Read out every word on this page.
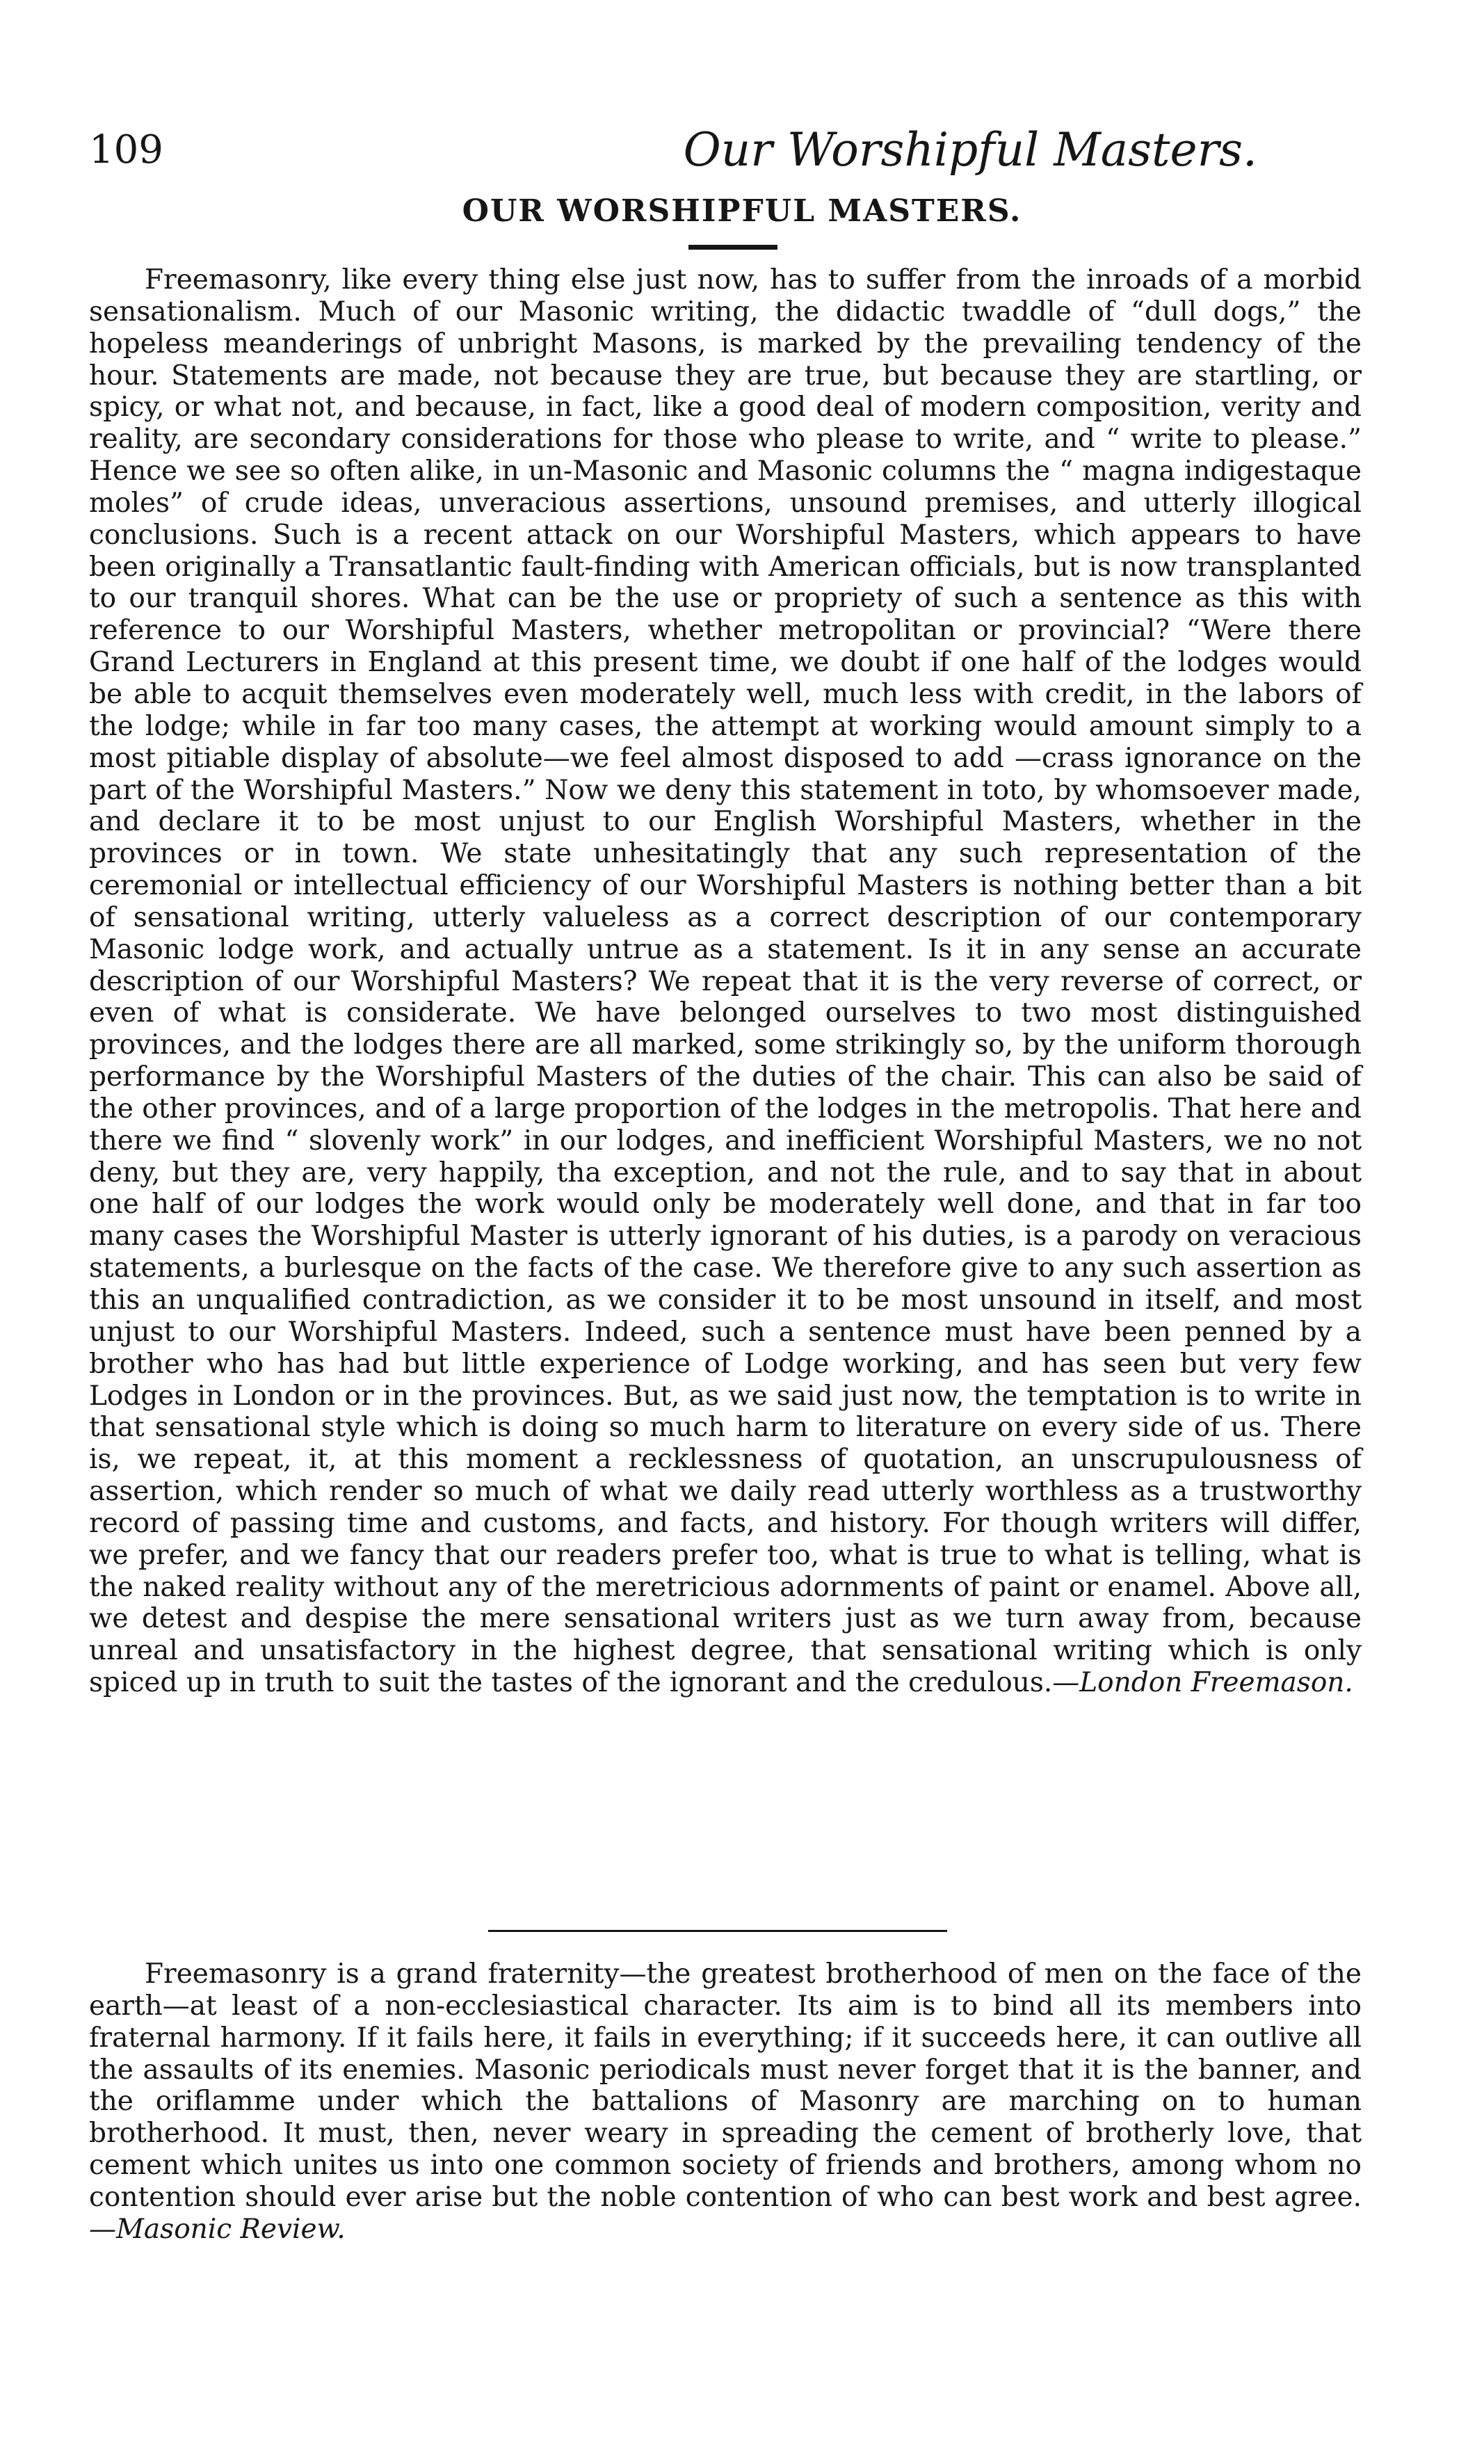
109	Our Worshipful Masters.
OUR WORSHIPFUL MASTERS.

Freemasonry, like every thing else just now, has to suffer from the inroads of a morbid sensationalism. Much of our Masonic writing, the didactic twaddle of “dull dogs,” the hopeless meanderings of unbright Masons, is marked by the prevailing tendency of the hour. Statements are made, not because they are true, but because they are startling, or spicy, or what not, and because, in fact, like a good deal of modern composition, verity and reality, are secondary considerations for those who please to write, and “ write to please.” Hence we see so often alike, in un-Masonic and Masonic columns the “ magna indigestaque moles” of crude ideas, unveracious assertions, unsound premises, and utterly illogical conclusions. Such is a recent attack on our Worshipful Masters, which appears to have been originally a Transatlantic fault-finding with American officials, but is now transplanted to our tranquil shores. What can be the use or propriety of such a sentence as this with reference to our Worshipful Masters, whether metropolitan or provincial? “Were there Grand Lecturers in England at this present time, we doubt if one half of the lodges would be able to acquit themselves even moderately well, much less with credit, in the labors of the lodge; while in far too many cases, the attempt at working would amount simply to a most pitiable display of absolute—we feel almost disposed to add —crass ignorance on the part of the Worshipful Masters.” Now we deny this statement in toto, by whomsoever made, and declare it to be most unjust to our English Worshipful Masters, whether in the provinces or in town. We state unhesitatingly that any such representation of the ceremonial or intellectual efficiency of our Worshipful Masters is nothing better than a bit of sensational writing, utterly valueless as a correct description of our contemporary Masonic lodge work, and actually untrue as a statement. Is it in any sense an accurate description of our Worshipful Masters? We repeat that it is the very reverse of correct, or even of what is considerate. We have belonged ourselves to two most distinguished provinces, and the lodges there are all marked, some strikingly so, by the uniform thorough performance by the Worshipful Masters of the duties of the chair. This can also be said of the other provinces, and of a large proportion of the lodges in the metropolis. That here and there we find “ slovenly work” in our lodges, and inefficient Worshipful Masters, we no not deny, but they are, very happily, tha exception, and not the rule, and to say that in about one half of our lodges the work would only be moderately well done, and that in far too many cases the Worshipful Master is utterly ignorant of his duties, is a parody on veracious statements, a burlesque on the facts of the case. We therefore give to any such assertion as this an unqualified contradiction, as we consider it to be most unsound in itself, and most unjust to our Worshipful Masters. Indeed, such a sentence must have been penned by a brother who has had but little experience of Lodge working, and has seen but very few Lodges in London or in the provinces. But, as we said just now, the temptation is to write in that sensational style which is doing so much harm to literature on every side of us. There is, we repeat, it, at this moment a recklessness of quotation, an unscrupulousness of assertion, which render so much of what we daily read utterly worthless as a trustworthy record of passing time and customs, and facts, and history. For though writers will differ, we prefer, and we fancy that our readers prefer too, what is true to what is telling, what is the naked reality without any of the meretricious adornments of paint or enamel. Above all, we detest and despise the mere sensational writers just as we turn away from, because unreal and unsatisfactory in the highest degree, that sensational writing which is only spiced up in truth to suit the tastes of the ignorant and the credulous.—London Freemason.

Freemasonry is a grand fraternity—the greatest brotherhood of men on the face of the earth—at least of a non-ecclesiastical character. Its aim is to bind all its members into fraternal harmony. If it fails here, it fails in everything; if it succeeds here, it can outlive all the assaults of its enemies. Masonic periodicals must never forget that it is the banner, and the oriflamme under which the battalions of Masonry are marching on to human brotherhood. It must, then, never weary in spreading the cement of brotherly love, that cement which unites us into one common society of friends and brothers, among whom no contention should ever arise but the noble contention of who can best work and best agree.—Masonic Review.
